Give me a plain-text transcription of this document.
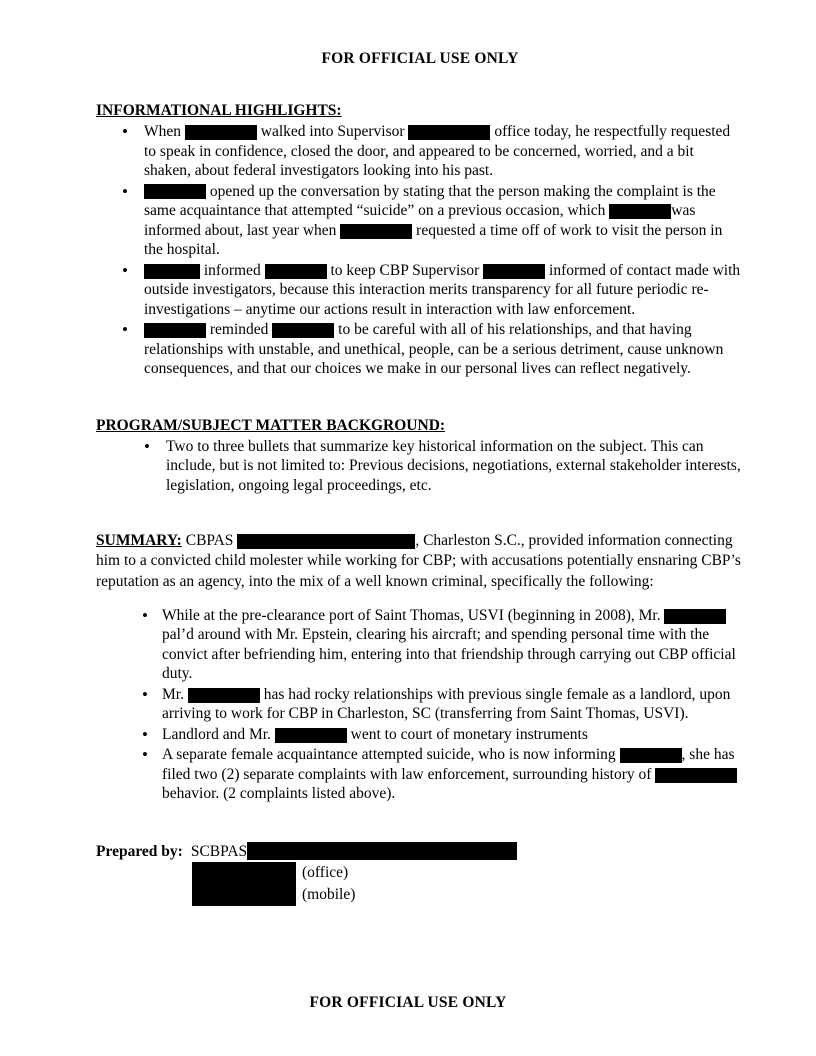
FOR OFFICIAL USE ONLY
INFORMATIONAL HIGHLIGHTS:
• When	walked into Supervisor	office today, he respectfully requested to speak in confidence, closed the door, and appeared to be concerned, worried, and a bit shaken, about federal investigators looking into his past.
• opened up the conversation by stating that the person making the complaint is the same acquaintance that attempted “suicide” on a previous occasion, which	was informed about, last year when	requested a time off of work to visit the person in the hospital.
• informed	to keep CBP Supervisor	informed of contact made with outside investigators, because this interaction merits transparency for all future periodic re-investigations – anytime our actions result in interaction with law enforcement.
• reminded	to be careful with all of his relationships, and that having relationships with unstable, and unethical, people, can be a serious detriment, cause unknown consequences, and that our choices we make in our personal lives can reflect negatively.
PROGRAM/SUBJECT MATTER BACKGROUND:
• Two to three bullets that summarize key historical information on the subject. This can include, but is not limited to: Previous decisions, negotiations, external stakeholder interests, legislation, ongoing legal proceedings, etc.

SUMMARY: CBPAS	, Charleston S.C., provided information connecting him to a convicted child molester while working for CBP; with accusations potentially ensnaring CBP’s reputation as an agency, into the mix of a well known criminal, specifically the following:

• While at the pre-clearance port of Saint Thomas, USVI (beginning in 2008), Mr.  pal’d around with Mr. Epstein, clearing his aircraft; and spending personal time with the convict after befriending him, entering into that friendship through carrying out CBP official duty.
• Mr.	has had rocky relationships with previous single female as a landlord, upon arriving to work for CBP in Charleston, SC (transferring from Saint Thomas, USVI).
• Landlord and Mr.	went to court of monetary instruments
• A separate female acquaintance attempted suicide, who is now informing	, she has filed two (2) separate complaints with law enforcement, surrounding history of  behavior. (2 complaints listed above).
Prepared by: SCBPAS
(office)
(mobile)
FOR OFFICIAL USE ONLY
